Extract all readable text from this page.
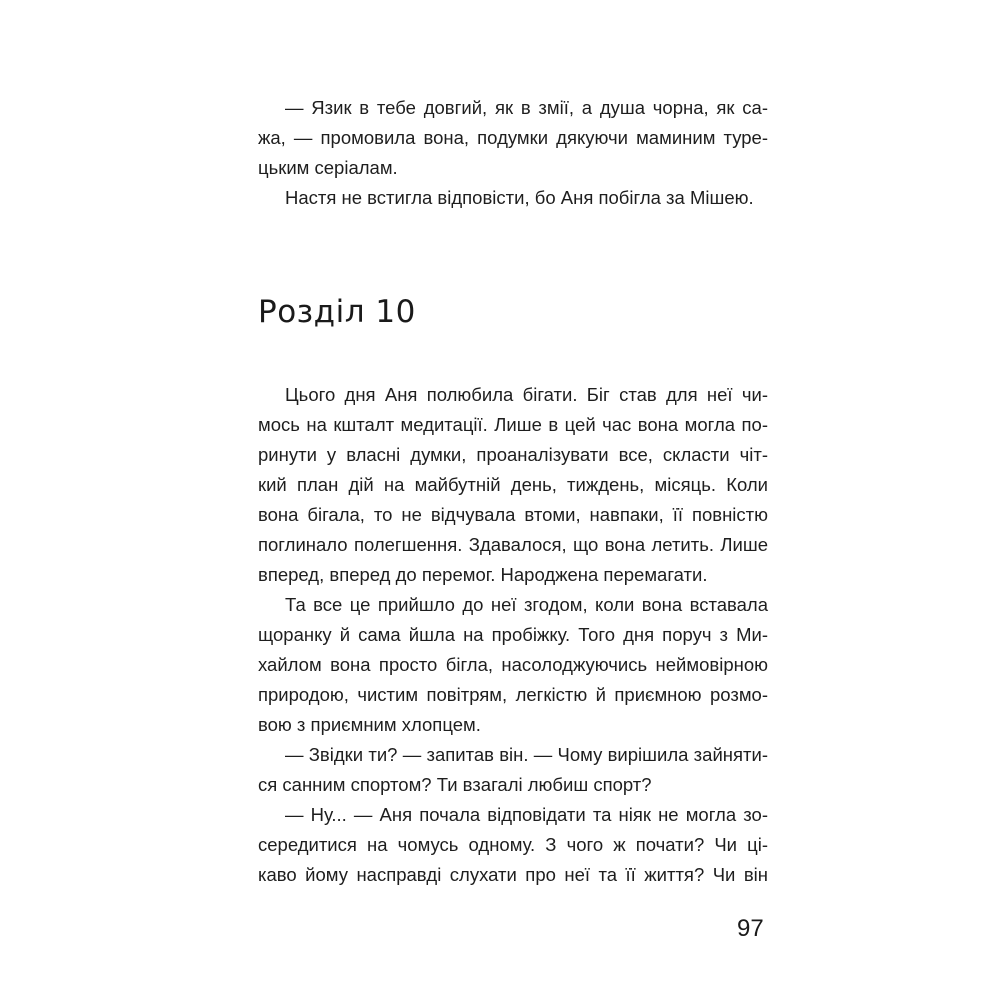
— Язик в тебе довгий, як в змії, а душа чорна, як са-
жа, — промовила вона, подумки дякуючи маминим туре-
цьким серіалам.
Настя не встигла відповісти, бо Аня побігла за Мішею.
Розділ 10
Цього дня Аня полюбила бігати. Біг став для неї чи-
мось на кшталт медитації. Лише в цей час вона могла по-
ринути у власні думки, проаналізувати все, скласти чіт-
кий план дій на майбутній день, тиждень, місяць. Коли
вона бігала, то не відчувала втоми, навпаки, її повністю
поглинало полегшення. Здавалося, що вона летить. Лише
вперед, вперед до перемог. Народжена перемагати.
Та все це прийшло до неї згодом, коли вона вставала
щоранку й сама йшла на пробіжку. Того дня поруч з Ми-
хайлом вона просто бігла, насолоджуючись неймовірною
природою, чистим повітрям, легкістю й приємною розмо-
вою з приємним хлопцем.
— Звідки ти? — запитав він. — Чому вирішила зайняти-
ся санним спортом? Ти взагалі любиш спорт?
— Ну... — Аня почала відповідати та ніяк не могла зо-
середитися на чомусь одному. З чого ж почати? Чи ці-
каво йому насправді слухати про неї та її життя? Чи він
97
